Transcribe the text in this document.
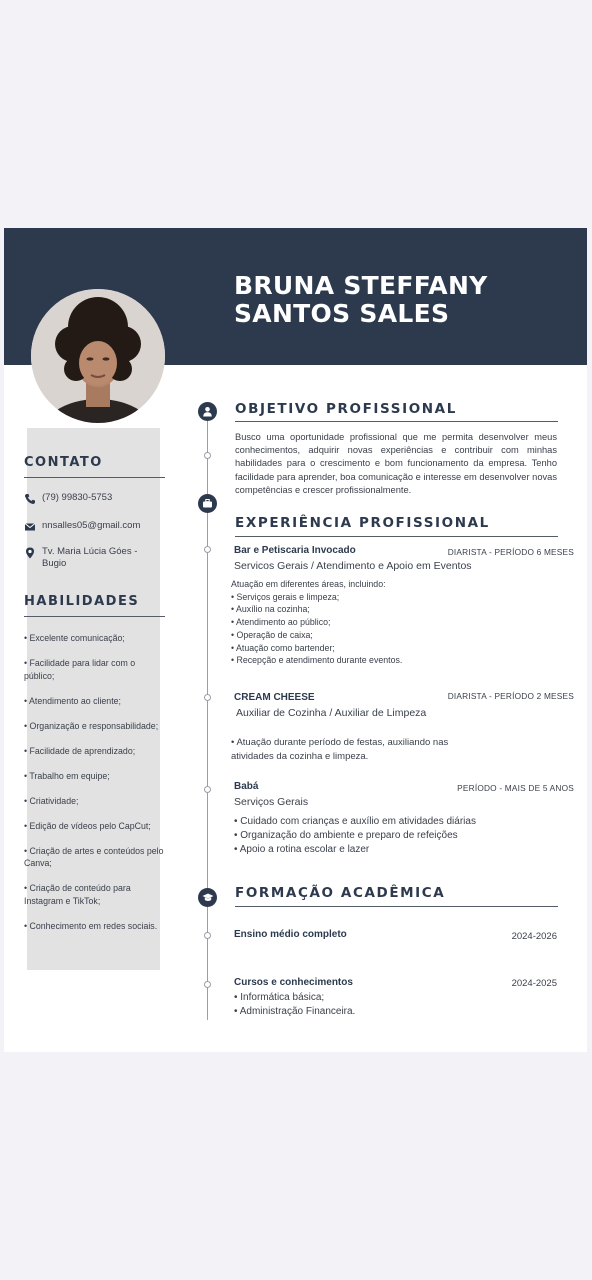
BRUNA STEFFANY
SANTOS SALES
CONTATO
(79) 99830-5753
nnsalles05@gmail.com
Tv. Maria Lúcia Góes -
Bugio
HABILIDADES
• Excelente comunicação;
• Facilidade para lidar com o público;
• Atendimento ao cliente;
• Organização e responsabilidade;
• Facilidade de aprendizado;
• Trabalho em equipe;
• Criatividade;
• Edição de vídeos pelo CapCut;
• Criação de artes e conteúdos pelo Canva;
• Criação de conteúdo para Instagram e TikTok;
• Conhecimento em redes sociais.
OBJETIVO PROFISSIONAL
Busco uma oportunidade profissional que me permita desenvolver meus conhecimentos, adquirir novas experiências e contribuir com minhas habilidades para o crescimento e bom funcionamento da empresa. Tenho facilidade para aprender, boa comunicação e interesse em desenvolver novas competências e crescer profissionalmente.
EXPERIÊNCIA PROFISSIONAL
Bar e Petiscaria Invocado	DIARISTA - PERÍODO 6 MESES
Servicos Gerais / Atendimento e Apoio em Eventos
Atuação em diferentes áreas, incluindo:
• Serviços gerais e limpeza;
• Auxílio na cozinha;
• Atendimento ao público;
• Operação de caixa;
• Atuação como bartender;
• Recepção e atendimento durante eventos.
CREAM CHEESE	DIARISTA - PERÍODO 2 MESES
Auxiliar de Cozinha / Auxiliar de Limpeza
• Atuação durante período de festas, auxiliando nas
atividades da cozinha e limpeza.
Babá	PERÍODO - MAIS DE 5 ANOS
Serviços Gerais
• Cuidado com crianças e auxílio em atividades diárias
• Organização do ambiente e preparo de refeições
• Apoio a rotina escolar e lazer
FORMAÇÃO ACADÊMICA
Ensino médio completo	2024-2026
Cursos e conhecimentos	2024-2025
• Informática básica;
• Administração Financeira.
